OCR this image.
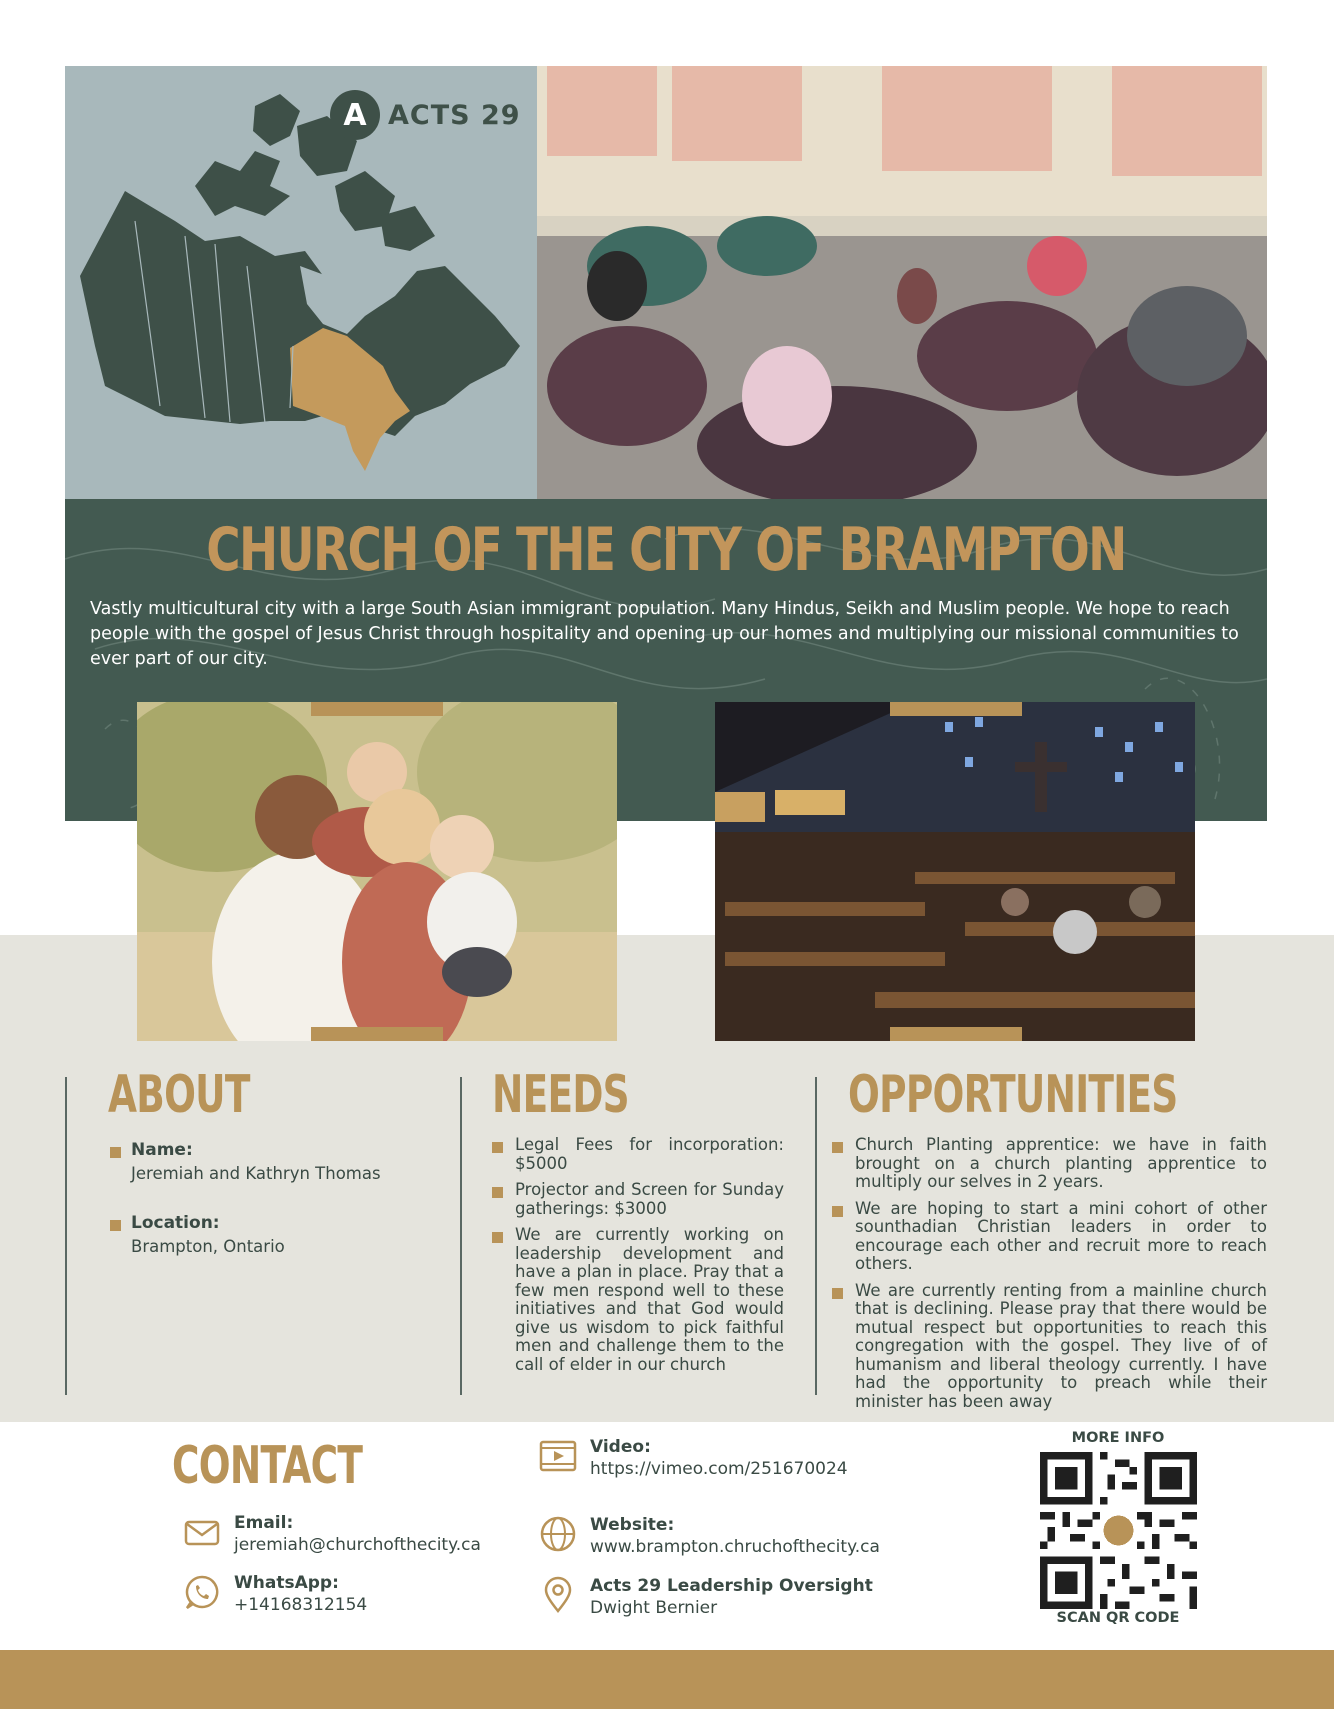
A ACTS 29
CHURCH OF THE CITY OF BRAMPTON
Vastly multicultural city with a large South Asian immigrant population. Many Hindus, Seikh and Muslim people. We hope to reach people with the gospel of Jesus Christ through hospitality and opening up our homes and multiplying our missional communities to ever part of our city.
ABOUT	NEEDS	OPPORTUNITIES
Name:
Jeremiah and Kathryn Thomas
Location:
Brampton, Ontario
Legal Fees for incorporation: $5000
Projector and Screen for Sunday gatherings: $3000
We are currently working on leadership development and have a plan in place. Pray that a few men respond well to these initiatives and that God would give us wisdom to pick faithful men and challenge them to the call of elder in our church
Church Planting apprentice: we have in faith brought on a church planting apprentice to multiply our selves in 2 years.
We are hoping to start a mini cohort of other sounthadian Christian leaders in order to encourage each other and recruit more to reach others.
We are currently renting from a mainline church that is declining. Please pray that there would be mutual respect but opportunities to reach this congregation with the gospel. They live of of humanism and liberal theology currently. I have had the opportunity to preach while their minister has been away
CONTACT
Email:
jeremiah@churchofthecity.ca
WhatsApp:
+14168312154
Video:
https://vimeo.com/251670024
Website:
www.brampton.chruchofthecity.ca
Acts 29 Leadership Oversight
Dwight Bernier
MORE INFO
SCAN QR CODE
